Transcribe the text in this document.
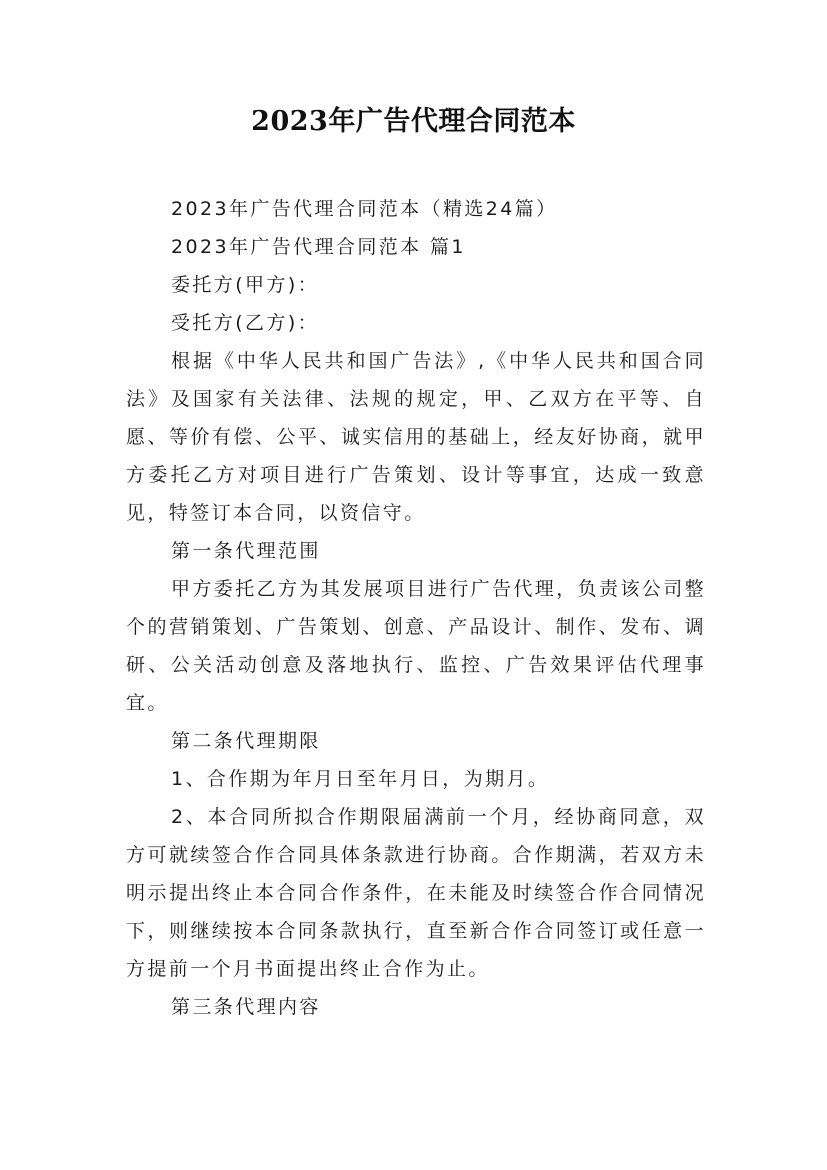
2023年广告代理合同范本

2023年广告代理合同范本（精选24篇）

2023年广告代理合同范本 篇1

委托方(甲方)：

受托方(乙方)：

根据《中华人民共和国广告法》,《中华人民共和国合同法》及国家有关法律、法规的规定，甲、乙双方在平等、自愿、等价有偿、公平、诚实信用的基础上，经友好协商，就甲方委托乙方对项目进行广告策划、设计等事宜，达成一致意见，特签订本合同，以资信守。

第一条代理范围

甲方委托乙方为其发展项目进行广告代理，负责该公司整个的营销策划、广告策划、创意、产品设计、制作、发布、调研、公关活动创意及落地执行、监控、广告效果评估代理事宜。

第二条代理期限

1、合作期为年月日至年月日，为期月。

2、本合同所拟合作期限届满前一个月，经协商同意，双方可就续签合作合同具体条款进行协商。合作期满，若双方未明示提出终止本合同合作条件，在未能及时续签合作合同情况下，则继续按本合同条款执行，直至新合作合同签订或任意一方提前一个月书面提出终止合作为止。

第三条代理内容
